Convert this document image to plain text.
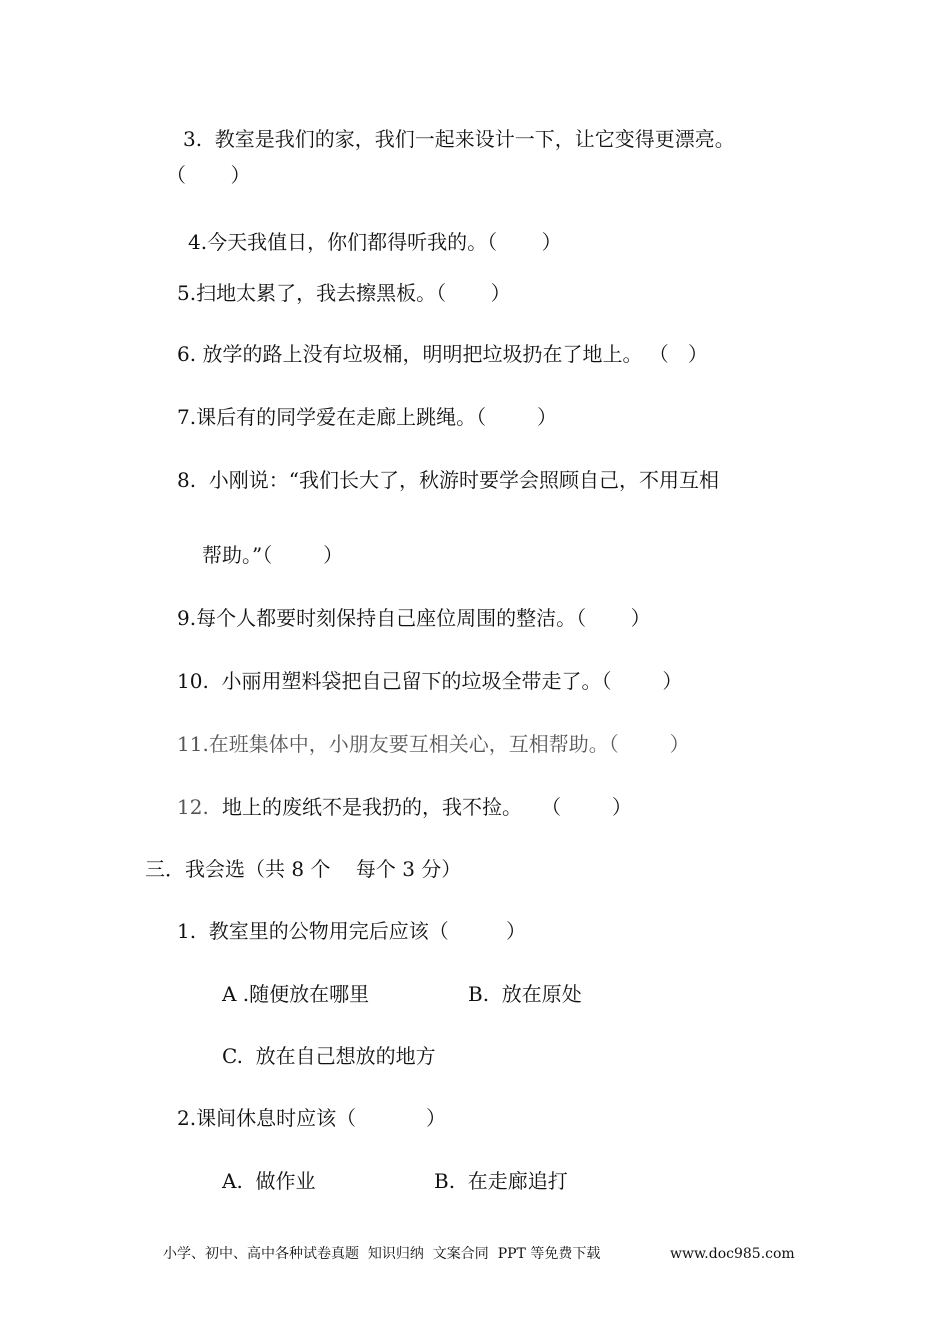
3.  教室是我们的家，我们一起来设计一下，让它变得更漂亮。
（       ）
4.今天我值日，你们都得听我的。（       ）
5.扫地太累了，我去擦黑板。（       ）
6. 放学的路上没有垃圾桶，明明把垃圾扔在了地上。 （   ）
7.课后有的同学爱在走廊上跳绳。（        ）
8.  小刚说：“我们长大了，秋游时要学会照顾自己，不用互相
帮助。”（        ）
9.每个人都要时刻保持自己座位周围的整洁。（       ）
10.  小丽用塑料袋把自己留下的垃圾全带走了。（        ）
11.在班集体中，小朋友要互相关心，互相帮助。（        ）
12. 地上的废纸不是我扔的，我不捡。   （        ）
三．我会选（共 8 个    每个 3 分）
1.  教室里的公物用完后应该（         ）
A .随便放在哪里	B.  放在原处
C.  放在自己想放的地方
2.课间休息时应该（           ）
A.  做作业	B.  在走廊追打
小学、初中、高中各种试卷真题  知识归纳  文案合同  PPT 等免费下载	www.doc985.com
